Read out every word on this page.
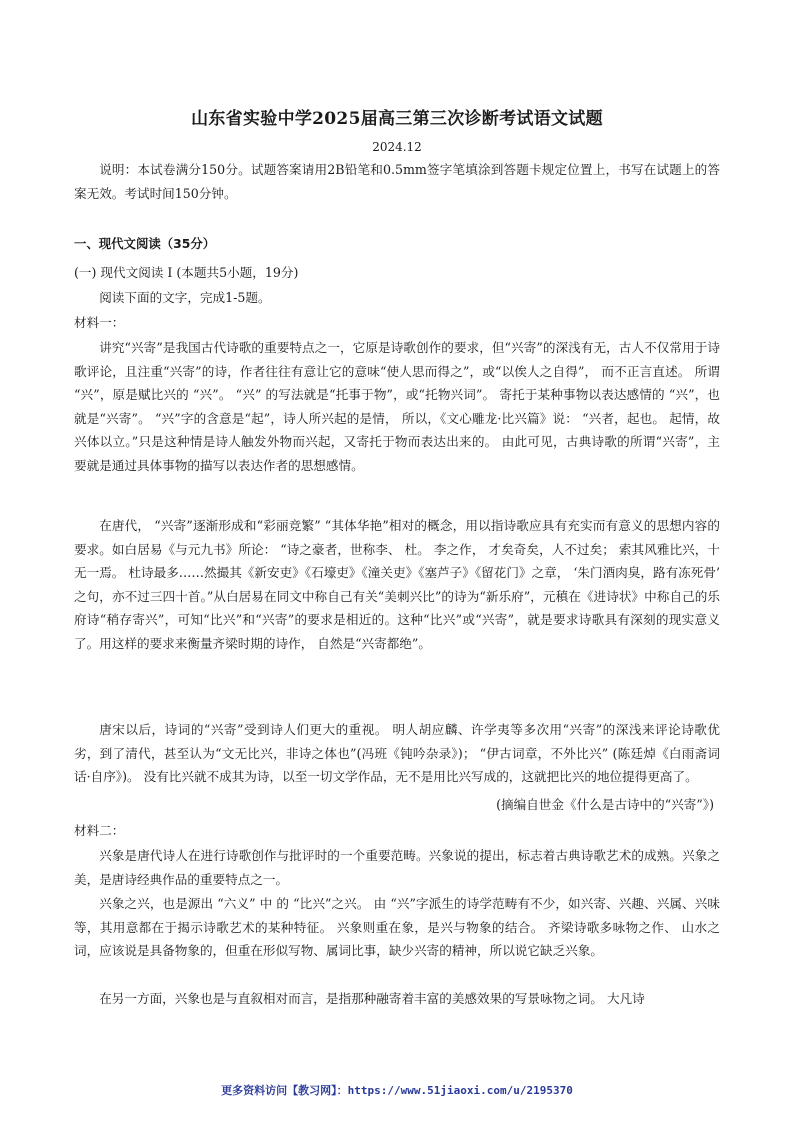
山东省实验中学2025届高三第三次诊断考试语文试题
2024.12

说明：本试卷满分150分。试题答案请用2B铅笔和0.5mm签字笔填涂到答题卡规定位置上，书写在试题上的答案无效。考试时间150分钟。

一、现代文阅读（35分）

(一) 现代文阅读 Ⅰ (本题共5小题，19分)

阅读下面的文字，完成1-5题。

材料一：

讲究“兴寄”是我国古代诗歌的重要特点之一，它原是诗歌创作的要求，但“兴寄”的深浅有无，古人不仅常用于诗歌评论，且注重“兴寄”的诗，作者往往有意让它的意味“使人思而得之”，或“以俟人之自得”， 而不正言直述。 所谓 “兴”，原是赋比兴的 “兴”。 “兴” 的写法就是“托事于物”，或“托物兴词”。 寄托于某种事物以表达感情的 “兴”，也就是“兴寄”。 “兴”字的含意是“起”，诗人所兴起的是情， 所以，《文心雕龙·比兴篇》说： “兴者，起也。 起情，故兴体以立。”只是这种情是诗人触发外物而兴起，又寄托于物而表达出来的。 由此可见，古典诗歌的所谓“兴寄”，主要就是通过具体事物的描写以表达作者的思想感情。

在唐代， “兴寄”逐渐形成和“彩丽竞繁” “其体华艳”相对的概念，用以指诗歌应具有充实而有意义的思想内容的要求。如白居易《与元九书》所论： “诗之豪者，世称李、 杜。 李之作， 才矣奇矣，人不过矣； 索其风雅比兴，十无一焉。 杜诗最多……然撮其《新安吏》《石壕吏》《潼关吏》《塞芦子》《留花门》之章， ‘朱门酒肉臭，路有冻死骨’ 之句，亦不过三四十首。”从白居易在同文中称自己有关“美刺兴比”的诗为“新乐府”，元稹在《进诗状》中称自己的乐府诗“稍存寄兴”，可知“比兴”和“兴寄”的要求是相近的。这种“比兴”或“兴寄”，就是要求诗歌具有深刻的现实意义了。用这样的要求来衡量齐梁时期的诗作， 自然是“兴寄都绝”。

唐宋以后，诗词的“兴寄”受到诗人们更大的重视。 明人胡应麟、许学夷等多次用“兴寄”的深浅来评论诗歌优劣，到了清代，甚至认为“文无比兴，非诗之体也”(冯班《钝吟杂录》)； “伊古词章，不外比兴” (陈廷焯《白雨斋词话·自序》)。 没有比兴就不成其为诗，以至一切文学作品，无不是用比兴写成的，这就把比兴的地位提得更高了。

(摘编自世金《什么是古诗中的“兴寄”》)

材料二：

兴象是唐代诗人在进行诗歌创作与批评时的一个重要范畴。兴象说的提出，标志着古典诗歌艺术的成熟。兴象之美，是唐诗经典作品的重要特点之一。

兴象之兴，也是源出 “六义” 中 的 “比兴”之兴。 由 “兴”字派生的诗学范畴有不少，如兴寄、兴趣、兴属、兴味等，其用意都在于揭示诗歌艺术的某种特征。 兴象则重在象，是兴与物象的结合。 齐梁诗歌多咏物之作、 山水之词，应该说是具备物象的，但重在形似写物、属词比事，缺少兴寄的精神，所以说它缺乏兴象。

在另一方面，兴象也是与直叙相对而言，是指那种融寄着丰富的美感效果的写景咏物之词。 大凡诗

更多资料访问【教习网】：https://www.51jiaoxi.com/u/2195370
